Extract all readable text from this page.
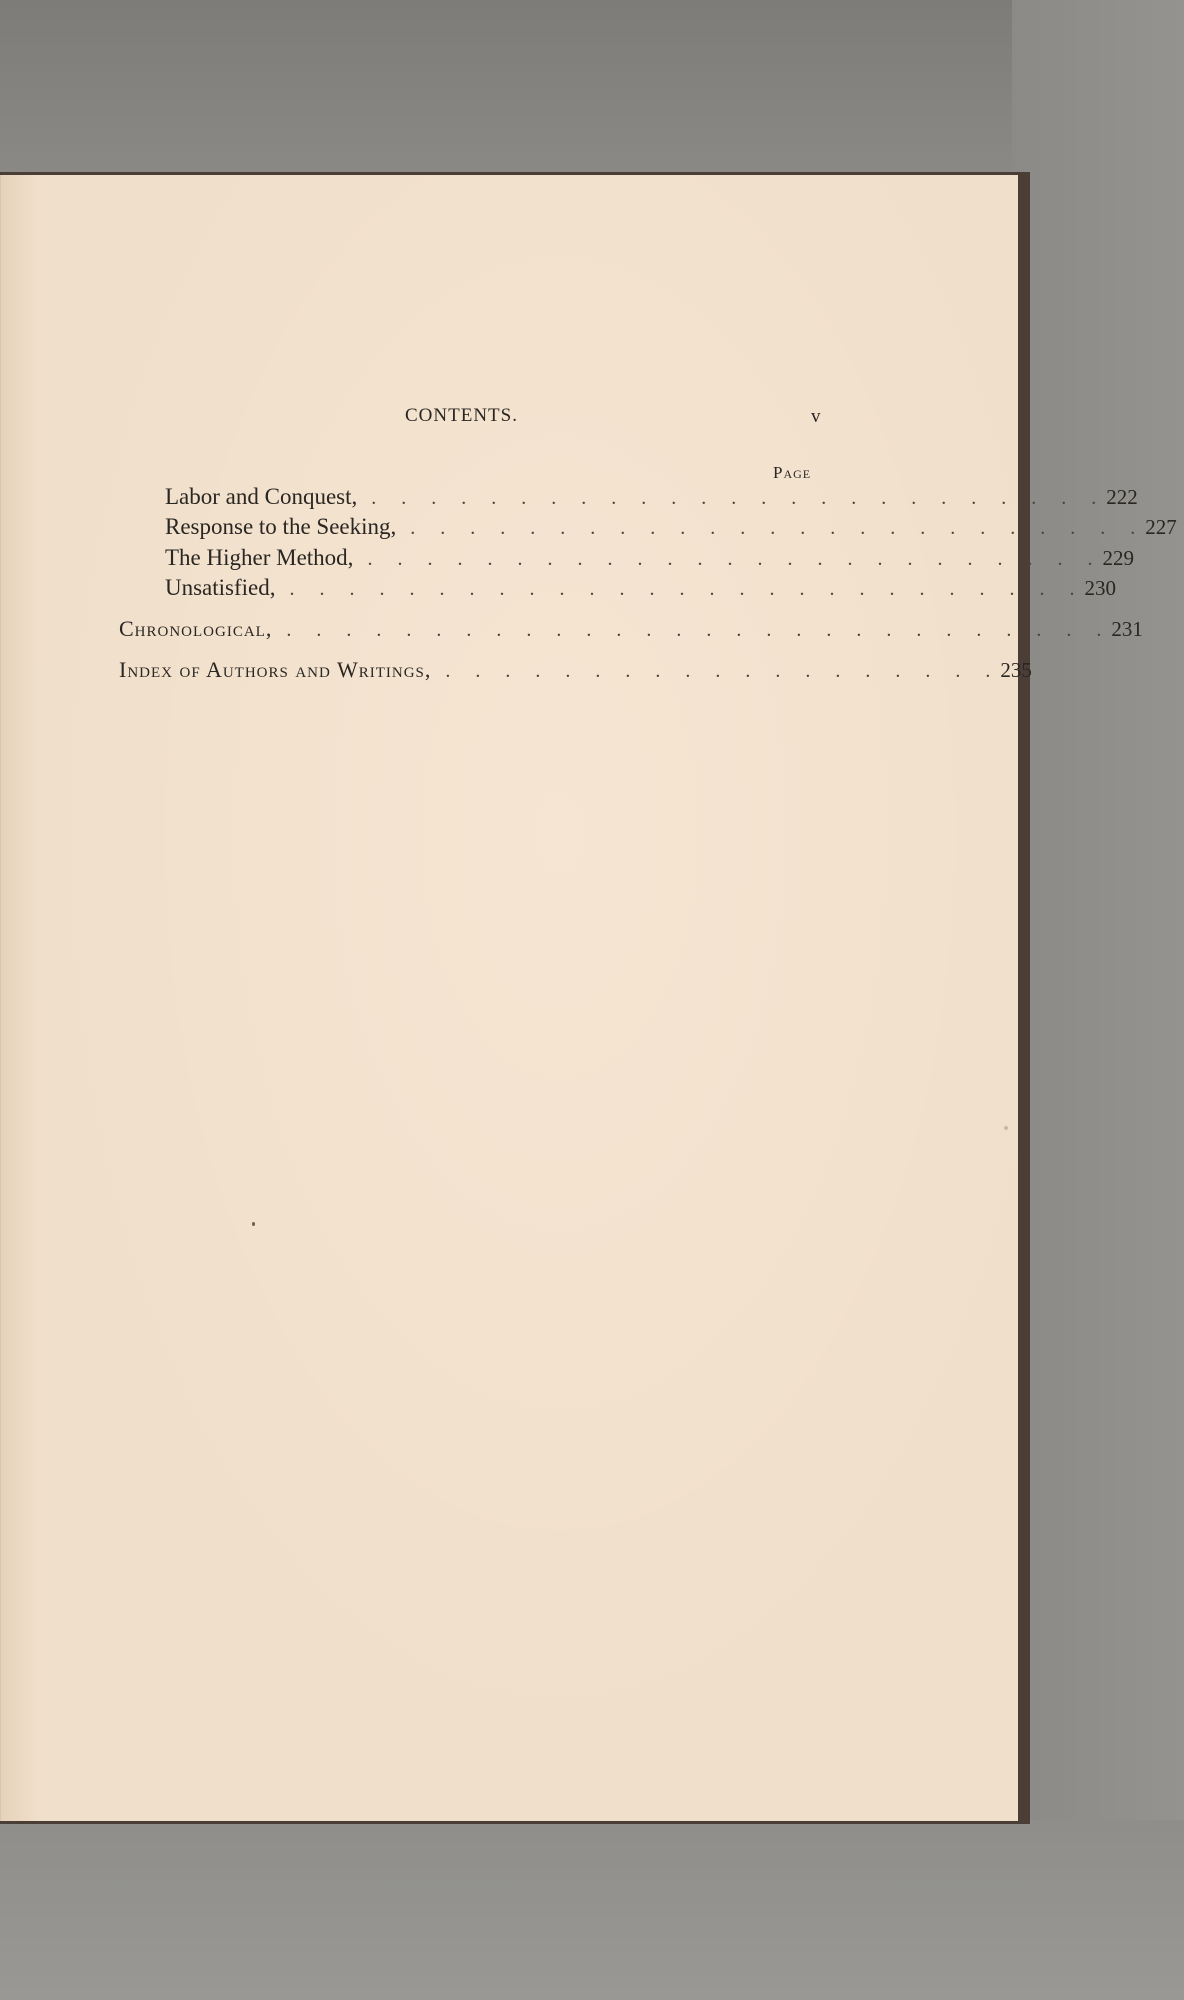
CONTENTS.	v
Page
Labor and Conquest, . . . . . . . . . . . . . . . . . . . . . . . . . 222
Response to the Seeking, . . . . . . . . . . . . . . . . . . . . . . . . . 227
The Higher Method, . . . . . . . . . . . . . . . . . . . . . . . . . 229
Unsatisfied, . . . . . . . . . . . . . . . . . . . . . . . . . . . 230
Chronological, . . . . . . . . . . . . . . . . . . . . . . . . . . . . 231
Index of Authors and Writings, . . . . . . . . . . . . . . . . . . . 235
